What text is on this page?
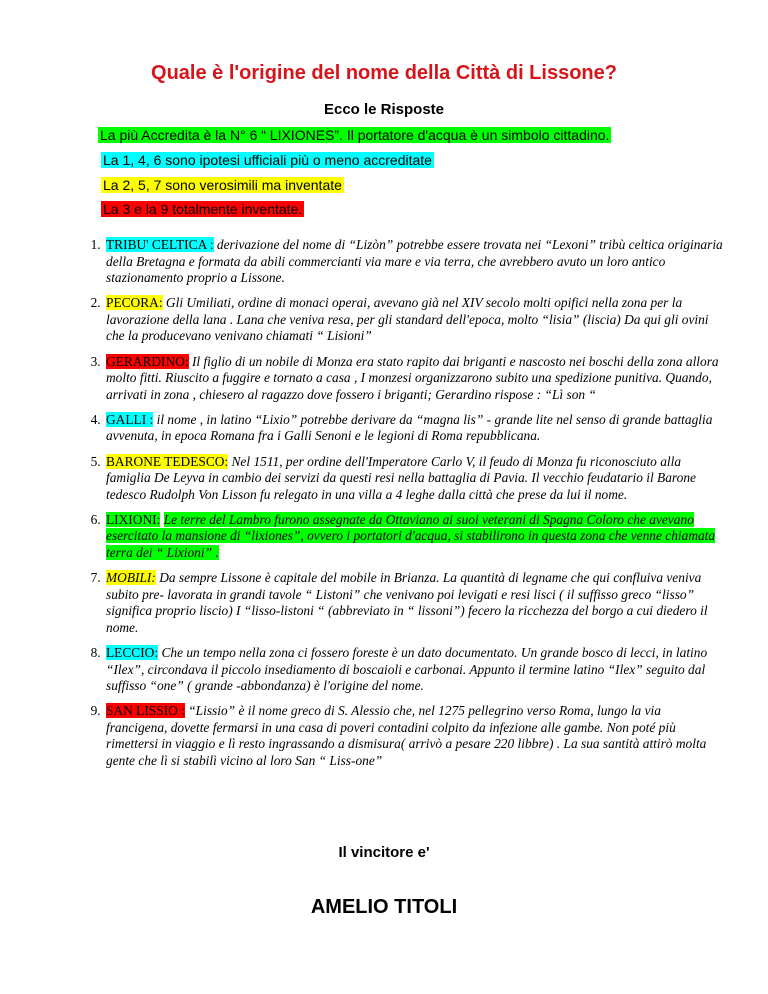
Quale è l'origine del nome della Città di Lissone?
Ecco le Risposte
La più Accredita è la N° 6 “ LIXIONES”. Il portatore d'acqua è un simbolo cittadino.
La 1, 4, 6 sono ipotesi ufficiali più o meno accreditate
La 2, 5, 7 sono verosimili ma inventate
La 3 e la 9 totalmente inventate.
1. TRIBU' CELTICA : derivazione del nome di “Lizòn” potrebbe essere trovata nei “Lexoni” tribù celtica originaria della Bretagna e formata da abili commercianti via mare e via terra, che avrebbero avuto un loro antico stazionamento proprio a Lissone.
2. PECORA: Gli Umiliati, ordine di monaci operai, avevano già nel XIV secolo molti opifici nella zona per la lavorazione della lana . Lana che veniva resa, per gli standard dell'epoca, molto “lisia” (liscia) Da qui gli ovini che la producevano venivano chiamati “ Lisioni”
3. GERARDINO: Il figlio di un nobile di Monza era stato rapito dai briganti e nascosto nei boschi della zona allora molto fitti. Riuscito a fuggire e tornato a casa , I monzesi organizzarono subito una spedizione punitiva. Quando, arrivati in zona , chiesero al ragazzo dove fossero i briganti; Gerardino rispose : “Lì son “
4. GALLI : il nome , in latino “Lixio” potrebbe derivare da “magna lis” - grande lite nel senso di grande battaglia avvenuta, in epoca Romana fra i Galli Senoni e le legioni di Roma repubblicana.
5. BARONE TEDESCO: Nel 1511, per ordine dell'Imperatore Carlo V, il feudo di Monza fu riconosciuto alla famiglia De Leyva in cambio dei servizi da questi resi nella battaglia di Pavia. Il vecchio feudatario il Barone tedesco Rudolph Von Lisson fu relegato in una villa a 4 leghe dalla città che prese da lui il nome.
6. LIXIONI: Le terre del Lambro furono assegnate da Ottaviano ai suoi veterani di Spagna Coloro che avevano esercitato la mansione di “lixiones”, ovvero i portatori d'acqua, si stabilirono in questa zona che venne chiamata terra dei “ Lixioni” .
7. MOBILI: Da sempre Lissone è capitale del mobile in Brianza. La quantità di legname che qui confluiva veniva subito pre- lavorata in grandi tavole “ Listoni” che venivano poi levigati e resi lisci ( il suffisso greco “lisso” significa proprio liscio) I “lisso-listoni “ (abbreviato in “ lissoni”) fecero la ricchezza del borgo a cui diedero il nome.
8. LECCIO: Che un tempo nella zona ci fossero foreste è un dato documentato. Un grande bosco di lecci, in latino “Ilex”, circondava il piccolo insediamento di boscaioli e carbonai. Appunto il termine latino “Ilex” seguito dal suffisso “one” ( grande -abbondanza) è l'origine del nome.
9. SAN LISSIO : “Lissio” è il nome greco di S. Alessio che, nel 1275 pellegrino verso Roma, lungo la via francigena, dovette fermarsi in una casa di poveri contadini colpito da infezione alle gambe. Non poté più rimettersi in viaggio e lì resto ingrassando a dismisura( arrivò a pesare 220 libbre) . La sua santità attirò molta gente che lì si stabilì vicino al loro San “ Liss-one”
Il vincitore e'
AMELIO TITOLI
